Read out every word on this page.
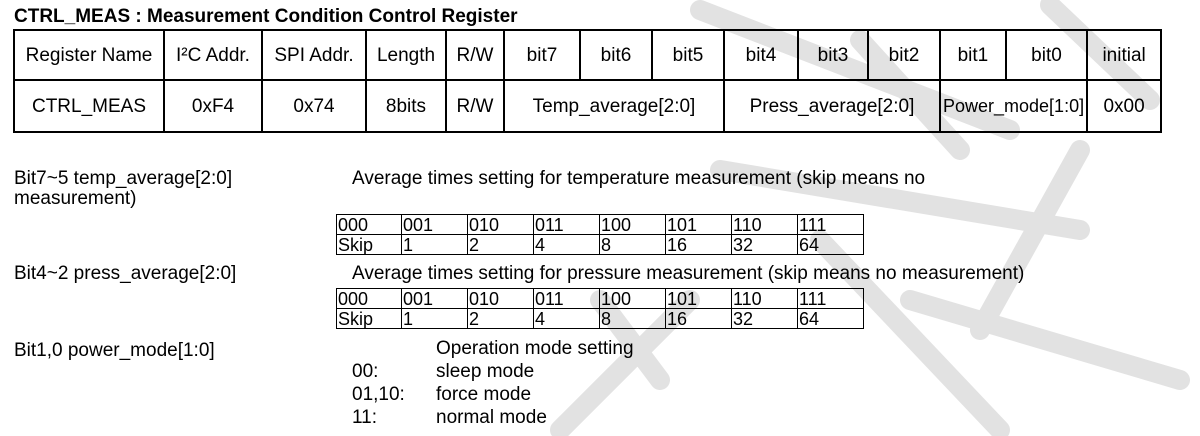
CTRL_MEAS : Measurement Condition Control Register
Register Name	I²C Addr.	SPI Addr.	Length	R/W	bit7	bit6	bit5	bit4	bit3	bit2	bit1	bit0	initial
CTRL_MEAS	0xF4	0x74	8bits	R/W	Temp_average[2:0]			Press_average[2:0]			Power_mode[1:0]		0x00
Bit7~5 temp_average[2:0]	Average times setting for temperature measurement (skip means no
measurement)
000	001	010	011	100	101	110	111
Skip	1	2	4	8	16	32	64
Bit4~2 press_average[2:0]	Average times setting for pressure measurement (skip means no measurement)
000	001	010	011	100	101	110	111
Skip	1	2	4	8	16	32	64
Bit1,0 power_mode[1:0]	Operation mode setting
00:	sleep mode
01,10: force mode
11:	normal mode
